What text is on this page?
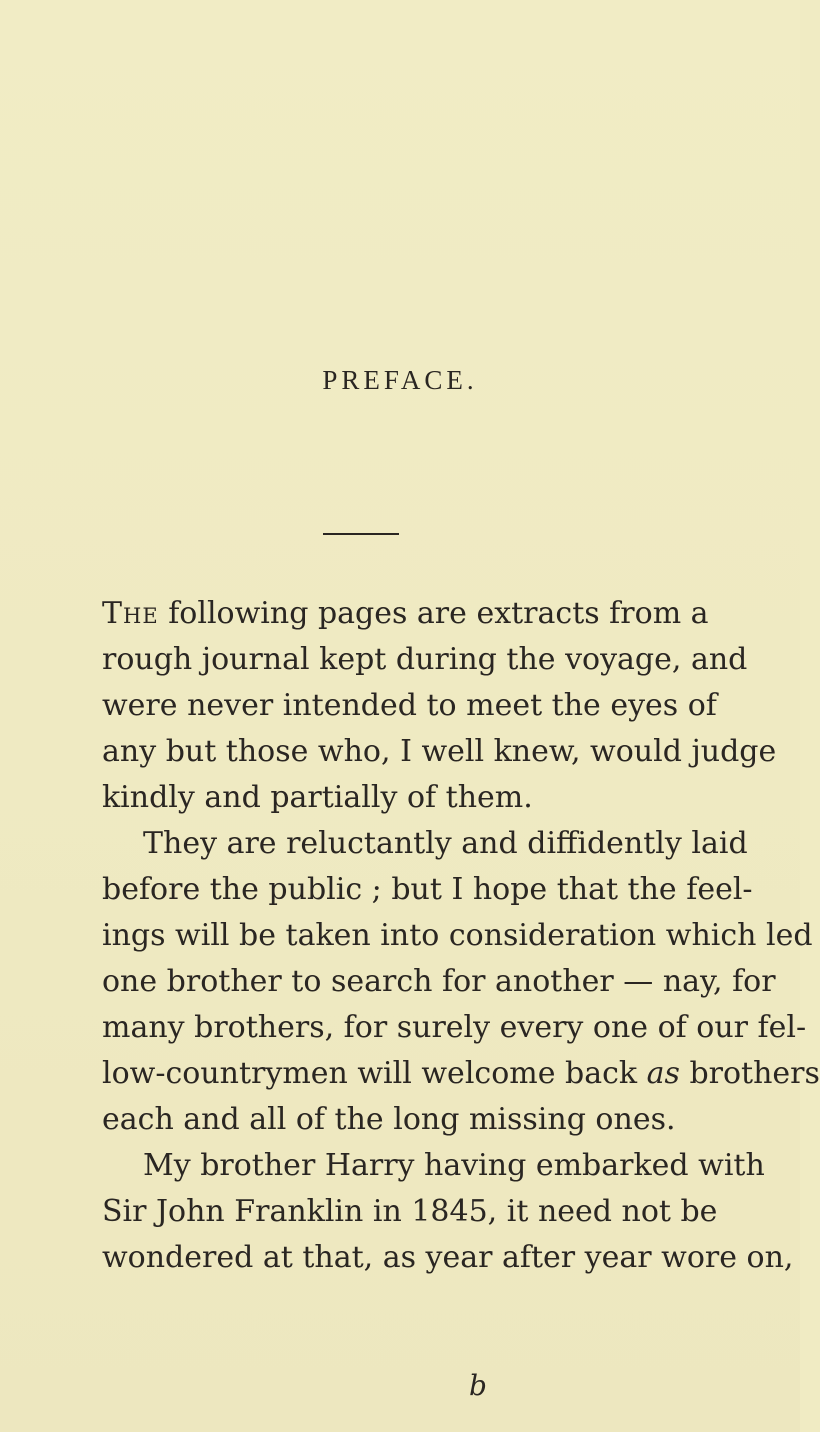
PREFACE.
The following pages are extracts from a
rough journal kept during the voyage, and
were never intended to meet the eyes of
any but those who, I well knew, would judge
kindly and partially of them.
They are reluctantly and diffidently laid
before the public ; but I hope that the feel-
ings will be taken into consideration which led
one brother to search for another — nay, for
many brothers, for surely every one of our fel-
low-countrymen will welcome back as brothers
each and all of the long missing ones.
My brother Harry having embarked with
Sir John Franklin in 1845, it need not be
wondered at that, as year after year wore on,
b
